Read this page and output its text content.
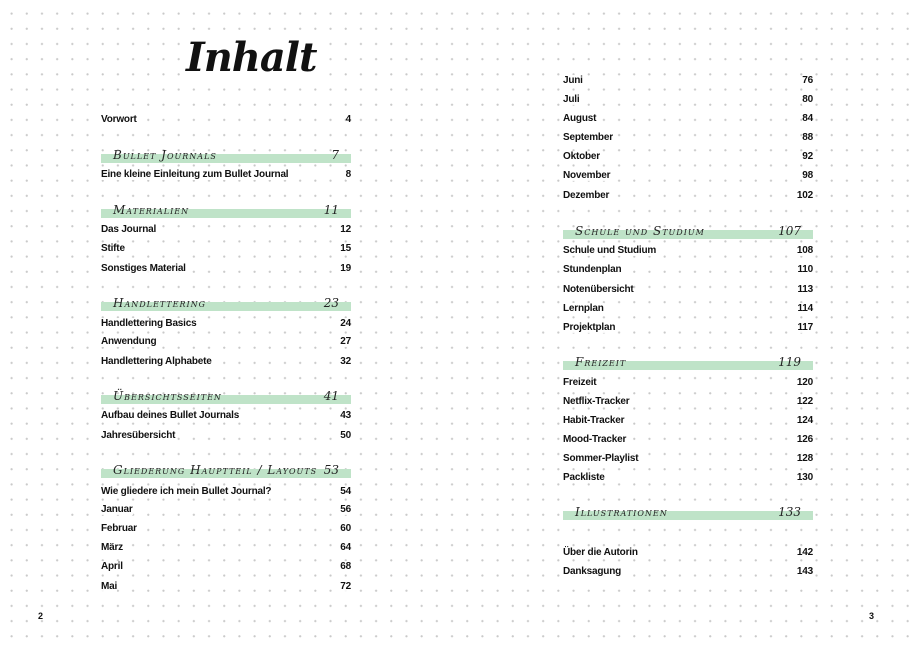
Inhalt
Vorwort	4
Bullet Journals	7
Eine kleine Einleitung zum Bullet Journal	8
Materialien	11
Das Journal	12
Stifte	15
Sonstiges Material	19
Handlettering	23
Handlettering Basics	24
Anwendung	27
Handlettering Alphabete	32
Übersichtsseiten	41
Aufbau deines Bullet Journals	43
Jahresübersicht	50
Gliederung Hauptteil / Layouts 53
Wie gliedere ich mein Bullet Journal?	54
Januar	56
Februar	60
März	64
April	68
Mai	72
Juni	76
Juli	80
August	84
September	88
Oktober	92
November	98
Dezember	102
Schule und Studium	107
Schule und Studium	108
Stundenplan	110
Notenübersicht	113
Lernplan	114
Projektplan	117
Freizeit	119
Freizeit	120
Netflix-Tracker	122
Habit-Tracker	124
Mood-Tracker	126
Sommer-Playlist	128
Packliste	130
Illustrationen	133
Über die Autorin	142
Danksagung	143
2	3
